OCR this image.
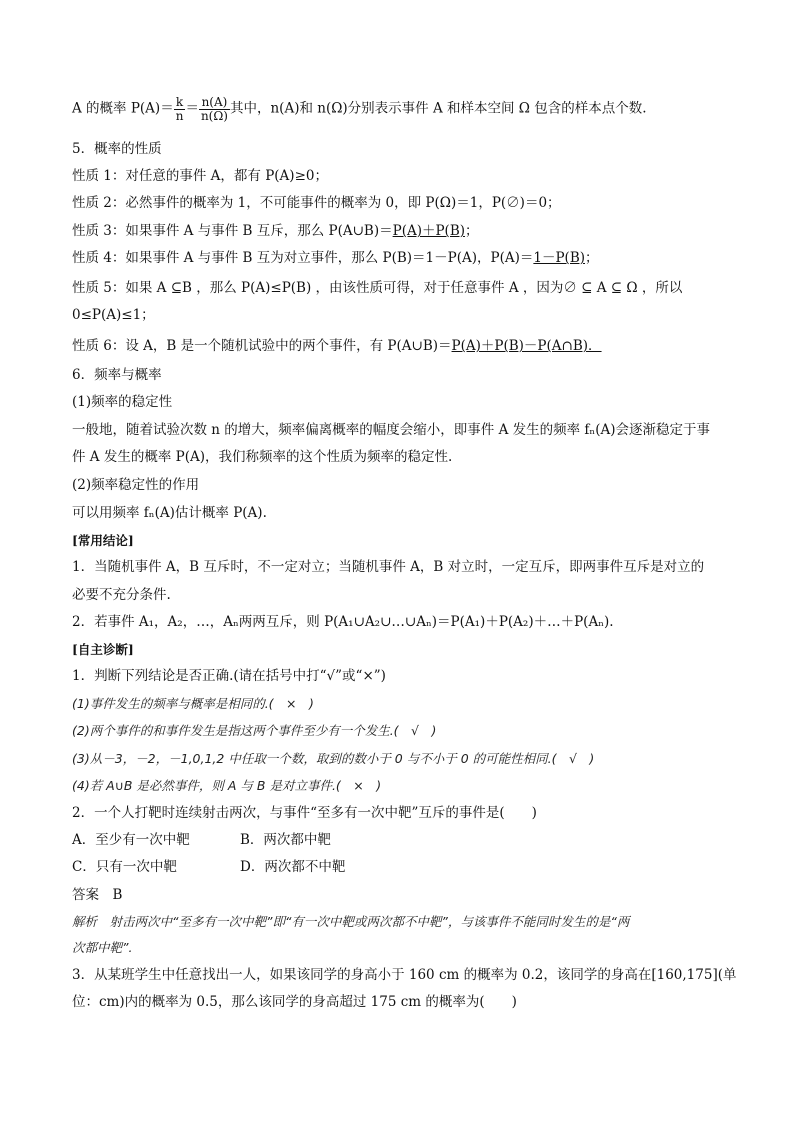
A 的概率 $P(A)= \frac{k}{n} = \frac{n(A)}{n(\Omega)}$ 其中，n(A)和 n(Ω)分别表示事件 A 和样本空间 Ω 包含的样本点个数.
5．概率的性质
性质 1：对任意的事件 A，都有 P(A)≥0；
性质 2：必然事件的概率为 1，不可能事件的概率为 0，即 P(Ω)＝1，P(∅)＝0；
性质 3：如果事件 A 与事件 B 互斥，那么 P(A∪B)＝P(A)＋P(B)；
性质 4：如果事件 A 与事件 B 互为对立事件，那么 P(B)＝1－P(A)，P(A)＝1－P(B)；
性质 5：如果 A ⊆B ，那么 P(A)≤P(B) ，由该性质可得，对于任意事件 A ，因为∅ ⊆ A ⊆ Ω ，所以
0≤P(A)≤1；
性质 6：设 A，B 是一个随机试验中的两个事件，有 P(A∪B)＝P(A)＋P(B)－P(A∩B)．
6．频率与概率
(1)频率的稳定性
一般地，随着试验次数 n 的增大，频率偏离概率的幅度会缩小，即事件 A 发生的频率 fₙ(A)会逐渐稳定于事
件 A 发生的概率 P(A)，我们称频率的这个性质为频率的稳定性.
(2)频率稳定性的作用
可以用频率 fₙ(A)估计概率 P(A).
[常用结论]
1．当随机事件 A，B 互斥时，不一定对立；当随机事件 A，B 对立时，一定互斥，即两事件互斥是对立的
必要不充分条件.
2．若事件 A₁，A₂，…，Aₙ两两互斥，则 P(A₁∪A₂∪…∪Aₙ)＝P(A₁)＋P(A₂)＋…＋P(Aₙ).
[自主诊断]
1．判断下列结论是否正确.(请在括号中打“√”或“×”)
(1)事件发生的频率与概率是相同的.(　×　)
(2)两个事件的和事件发生是指这两个事件至少有一个发生.(　√　)
(3)从－3，－2，－1,0,1,2 中任取一个数，取到的数小于 0 与不小于 0 的可能性相同.(　√　)
(4)若 A∪B 是必然事件，则 A 与 B 是对立事件.(　×　)
2．一个人打靶时连续射击两次，与事件“至多有一次中靶”互斥的事件是(　　)
A．至少有一次中靶	B．两次都中靶
C．只有一次中靶	D．两次都不中靶
答案　B
解析　射击两次中“至多有一次中靶”即“有一次中靶或两次都不中靶”，与该事件不能同时发生的是“两
次都中靶”.
3．从某班学生中任意找出一人，如果该同学的身高小于 160 cm 的概率为 0.2，该同学的身高在[160,175](单
位：cm)内的概率为 0.5，那么该同学的身高超过 175 cm 的概率为(　　)
